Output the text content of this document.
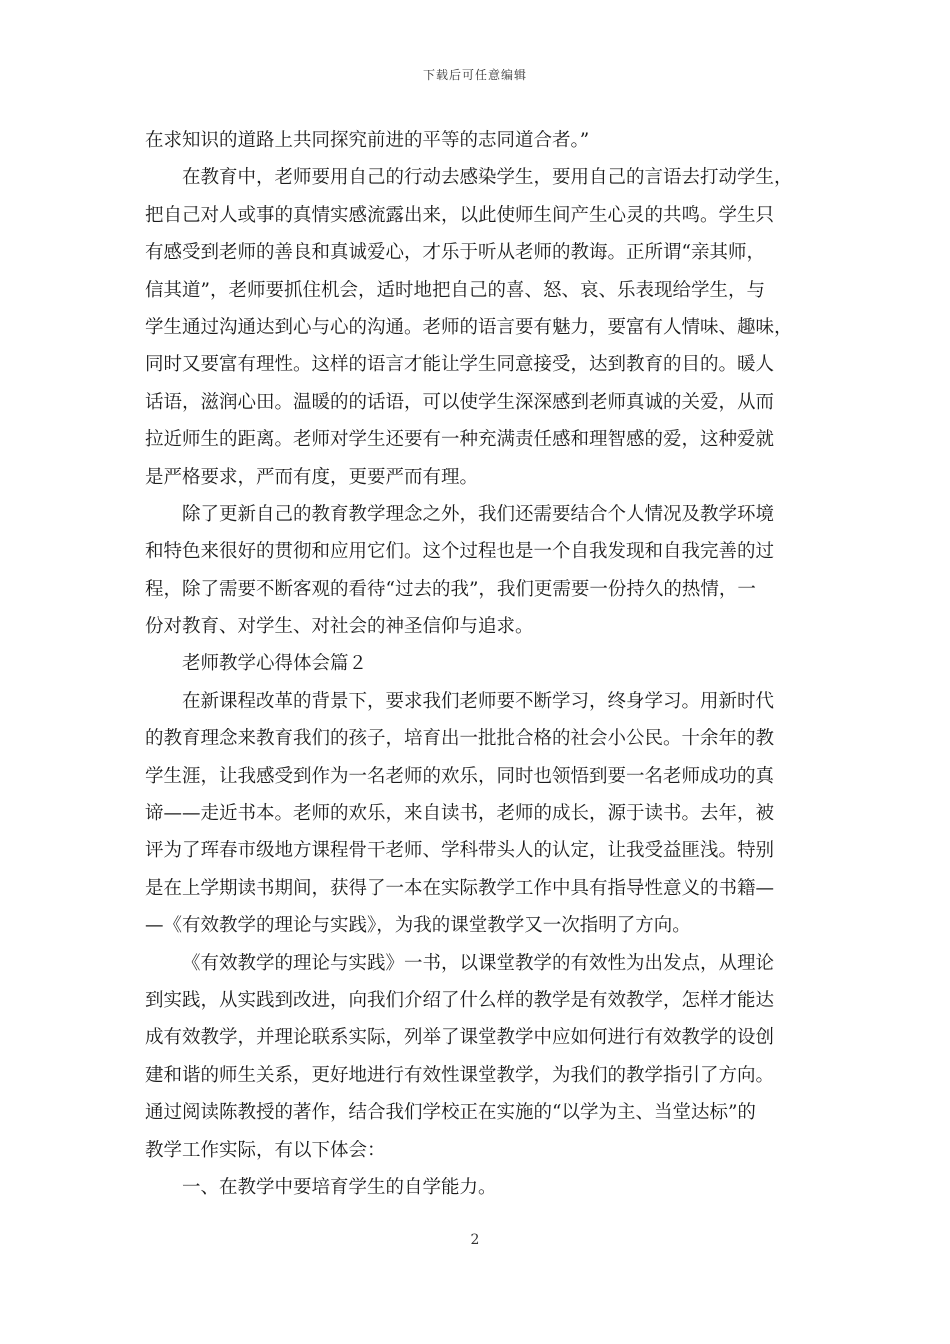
下载后可任意编辑
在求知识的道路上共同探究前进的平等的志同道合者。”
在教育中，老师要用自己的行动去感染学生，要用自己的言语去打动学生，
把自己对人或事的真情实感流露出来，以此使师生间产生心灵的共鸣。学生只
有感受到老师的善良和真诚爱心，才乐于听从老师的教诲。正所谓“亲其师，
信其道”，老师要抓住机会，适时地把自己的喜、怒、哀、乐表现给学生，与
学生通过沟通达到心与心的沟通。老师的语言要有魅力，要富有人情味、趣味，
同时又要富有理性。这样的语言才能让学生同意接受，达到教育的目的。暖人
话语，滋润心田。温暖的的话语，可以使学生深深感到老师真诚的关爱，从而
拉近师生的距离。老师对学生还要有一种充满责任感和理智感的爱，这种爱就
是严格要求，严而有度，更要严而有理。
除了更新自己的教育教学理念之外，我们还需要结合个人情况及教学环境
和特色来很好的贯彻和应用它们。这个过程也是一个自我发现和自我完善的过
程，除了需要不断客观的看待“过去的我”，我们更需要一份持久的热情，一
份对教育、对学生、对社会的神圣信仰与追求。
老师教学心得体会篇２
在新课程改革的背景下，要求我们老师要不断学习，终身学习。用新时代
的教育理念来教育我们的孩子，培育出一批批合格的社会小公民。十余年的教
学生涯，让我感受到作为一名老师的欢乐，同时也领悟到要一名老师成功的真
谛——走近书本。老师的欢乐，来自读书，老师的成长，源于读书。去年，被
评为了珲春市级地方课程骨干老师、学科带头人的认定，让我受益匪浅。特别
是在上学期读书期间，获得了一本在实际教学工作中具有指导性意义的书籍—
—《有效教学的理论与实践》，为我的课堂教学又一次指明了方向。
《有效教学的理论与实践》一书，以课堂教学的有效性为出发点，从理论
到实践，从实践到改进，向我们介绍了什么样的教学是有效教学，怎样才能达
成有效教学，并理论联系实际，列举了课堂教学中应如何进行有效教学的设创
建和谐的师生关系，更好地进行有效性课堂教学，为我们的教学指引了方向。
通过阅读陈教授的著作，结合我们学校正在实施的“以学为主、当堂达标”的
教学工作实际，有以下体会：
一、在教学中要培育学生的自学能力。
2
